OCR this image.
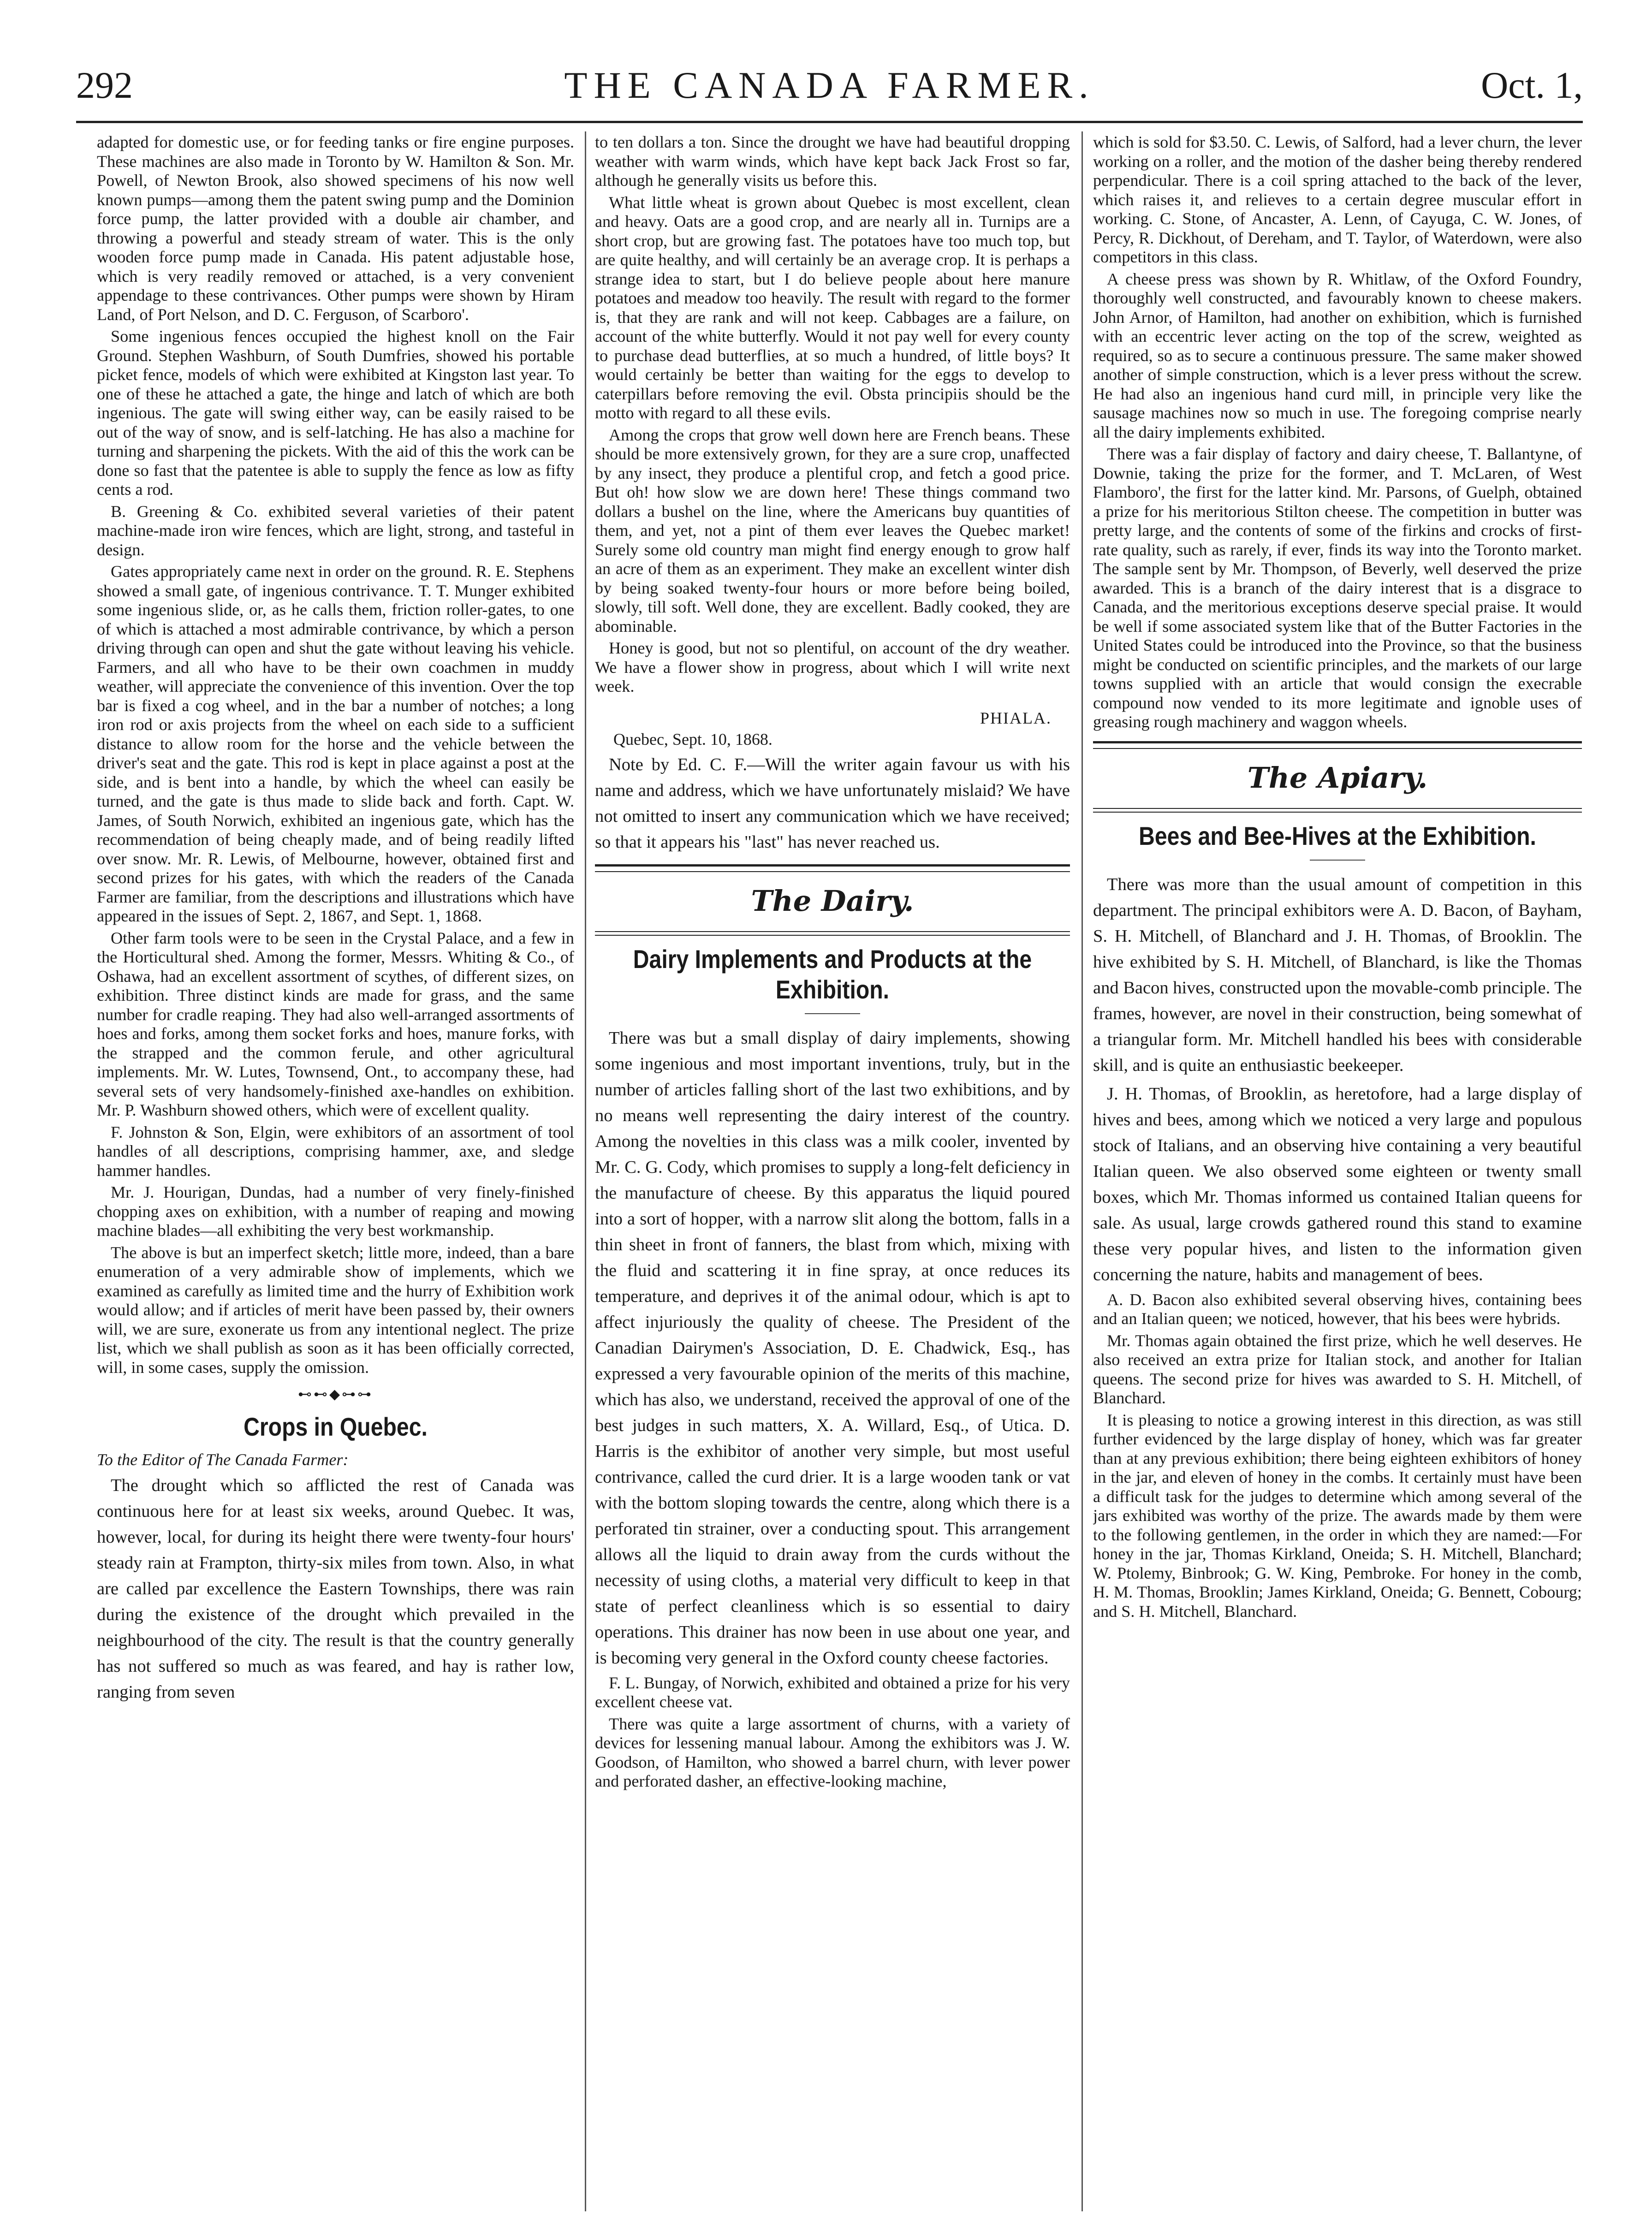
292	THE CANADA FARMER.	Oct. 1,

adapted for domestic use, or for feeding tanks or fire engine purposes. These machines are also made in Toronto by W. Hamilton & Son. Mr. Powell, of Newton Brook, also showed specimens of his now well known pumps—among them the patent swing pump and the Dominion force pump, the latter provided with a double air chamber, and throwing a powerful and steady stream of water. This is the only wooden force pump made in Canada. His patent adjustable hose, which is very readily removed or attached, is a very convenient appendage to these contrivances. Other pumps were shown by Hiram Land, of Port Nelson, and D. C. Ferguson, of Scarboro'.

Some ingenious fences occupied the highest knoll on the Fair Ground. Stephen Washburn, of South Dumfries, showed his portable picket fence, models of which were exhibited at Kingston last year. To one of these he attached a gate, the hinge and latch of which are both ingenious. The gate will swing either way, can be easily raised to be out of the way of snow, and is self-latching. He has also a machine for turning and sharpening the pickets. With the aid of this the work can be done so fast that the patentee is able to supply the fence as low as fifty cents a rod.

B. Greening & Co. exhibited several varieties of their patent machine-made iron wire fences, which are light, strong, and tasteful in design.

Gates appropriately came next in order on the ground. R. E. Stephens showed a small gate, of ingenious contrivance. T. T. Munger exhibited some ingenious slide, or, as he calls them, friction roller-gates, to one of which is attached a most admirable contrivance, by which a person driving through can open and shut the gate without leaving his vehicle. Farmers, and all who have to be their own coachmen in muddy weather, will appreciate the convenience of this invention. Over the top bar is fixed a cog wheel, and in the bar a number of notches; a long iron rod or axis projects from the wheel on each side to a sufficient distance to allow room for the horse and the vehicle between the driver's seat and the gate. This rod is kept in place against a post at the side, and is bent into a handle, by which the wheel can easily be turned, and the gate is thus made to slide back and forth. Capt. W. James, of South Norwich, exhibited an ingenious gate, which has the recommendation of being cheaply made, and of being readily lifted over snow. Mr. R. Lewis, of Melbourne, however, obtained first and second prizes for his gates, with which the readers of the Canada Farmer are familiar, from the descriptions and illustrations which have appeared in the issues of Sept. 2, 1867, and Sept. 1, 1868.

Other farm tools were to be seen in the Crystal Palace, and a few in the Horticultural shed. Among the former, Messrs. Whiting & Co., of Oshawa, had an excellent assortment of scythes, of different sizes, on exhibition. Three distinct kinds are made for grass, and the same number for cradle reaping. They had also well-arranged assortments of hoes and forks, among them socket forks and hoes, manure forks, with the strapped and the common ferule, and other agricultural implements. Mr. W. Lutes, Townsend, Ont., to accompany these, had several sets of very handsomely-finished axe-handles on exhibition. Mr. P. Washburn showed others, which were of excellent quality.

F. Johnston & Son, Elgin, were exhibitors of an assortment of tool handles of all descriptions, comprising hammer, axe, and sledge hammer handles.

Mr. J. Hourigan, Dundas, had a number of very finely-finished chopping axes on exhibition, with a number of reaping and mowing machine blades—all exhibiting the very best workmanship.

The above is but an imperfect sketch; little more, indeed, than a bare enumeration of a very admirable show of implements, which we examined as carefully as limited time and the hurry of Exhibition work would allow; and if articles of merit have been passed by, their owners will, we are sure, exonerate us from any intentional neglect. The prize list, which we shall publish as soon as it has been officially corrected, will, in some cases, supply the omission.

⊷⊷◆⊶⊶
Crops in Quebec.

To the Editor of The Canada Farmer:

The drought which so afflicted the rest of Canada was continuous here for at least six weeks, around Quebec. It was, however, local, for during its height there were twenty-four hours' steady rain at Frampton, thirty-six miles from town. Also, in what are called par excellence the Eastern Townships, there was rain during the existence of the drought which prevailed in the neighbourhood of the city. The result is that the country generally has not suffered so much as was feared, and hay is rather low, ranging from seven

to ten dollars a ton. Since the drought we have had beautiful dropping weather with warm winds, which have kept back Jack Frost so far, although he generally visits us before this.

What little wheat is grown about Quebec is most excellent, clean and heavy. Oats are a good crop, and are nearly all in. Turnips are a short crop, but are growing fast. The potatoes have too much top, but are quite healthy, and will certainly be an average crop. It is perhaps a strange idea to start, but I do believe people about here manure potatoes and meadow too heavily. The result with regard to the former is, that they are rank and will not keep. Cabbages are a failure, on account of the white butterfly. Would it not pay well for every county to purchase dead butterflies, at so much a hundred, of little boys? It would certainly be better than waiting for the eggs to develop to caterpillars before removing the evil. Obsta principiis should be the motto with regard to all these evils.

Among the crops that grow well down here are French beans. These should be more extensively grown, for they are a sure crop, unaffected by any insect, they produce a plentiful crop, and fetch a good price. But oh! how slow we are down here! These things command two dollars a bushel on the line, where the Americans buy quantities of them, and yet, not a pint of them ever leaves the Quebec market! Surely some old country man might find energy enough to grow half an acre of them as an experiment. They make an excellent winter dish by being soaked twenty-four hours or more before being boiled, slowly, till soft. Well done, they are excellent. Badly cooked, they are abominable.

Honey is good, but not so plentiful, on account of the dry weather. We have a flower show in progress, about which I will write next week.

PHIALA.

Quebec, Sept. 10, 1868.

Note by Ed. C. F.—Will the writer again favour us with his name and address, which we have unfortunately mislaid? We have not omitted to insert any communication which we have received; so that it appears his "last" has never reached us.

The Dairy.
Dairy Implements and Products at the Exhibition.

There was but a small display of dairy implements, showing some ingenious and most important inventions, truly, but in the number of articles falling short of the last two exhibitions, and by no means well representing the dairy interest of the country. Among the novelties in this class was a milk cooler, invented by Mr. C. G. Cody, which promises to supply a long-felt deficiency in the manufacture of cheese. By this apparatus the liquid poured into a sort of hopper, with a narrow slit along the bottom, falls in a thin sheet in front of fanners, the blast from which, mixing with the fluid and scattering it in fine spray, at once reduces its temperature, and deprives it of the animal odour, which is apt to affect injuriously the quality of cheese. The President of the Canadian Dairymen's Association, D. E. Chadwick, Esq., has expressed a very favourable opinion of the merits of this machine, which has also, we understand, received the approval of one of the best judges in such matters, X. A. Willard, Esq., of Utica. D. Harris is the exhibitor of another very simple, but most useful contrivance, called the curd drier. It is a large wooden tank or vat with the bottom sloping towards the centre, along which there is a perforated tin strainer, over a conducting spout. This arrangement allows all the liquid to drain away from the curds without the necessity of using cloths, a material very difficult to keep in that state of perfect cleanliness which is so essential to dairy operations. This drainer has now been in use about one year, and is becoming very general in the Oxford county cheese factories.

F. L. Bungay, of Norwich, exhibited and obtained a prize for his very excellent cheese vat.

There was quite a large assortment of churns, with a variety of devices for lessening manual labour. Among the exhibitors was J. W. Goodson, of Hamilton, who showed a barrel churn, with lever power and perforated dasher, an effective-looking machine,

which is sold for $3.50. C. Lewis, of Salford, had a lever churn, the lever working on a roller, and the motion of the dasher being thereby rendered perpendicular. There is a coil spring attached to the back of the lever, which raises it, and relieves to a certain degree muscular effort in working. C. Stone, of Ancaster, A. Lenn, of Cayuga, C. W. Jones, of Percy, R. Dickhout, of Dereham, and T. Taylor, of Waterdown, were also competitors in this class.

A cheese press was shown by R. Whitlaw, of the Oxford Foundry, thoroughly well constructed, and favourably known to cheese makers. John Arnor, of Hamilton, had another on exhibition, which is furnished with an eccentric lever acting on the top of the screw, weighted as required, so as to secure a continuous pressure. The same maker showed another of simple construction, which is a lever press without the screw. He had also an ingenious hand curd mill, in principle very like the sausage machines now so much in use. The foregoing comprise nearly all the dairy implements exhibited.

There was a fair display of factory and dairy cheese, T. Ballantyne, of Downie, taking the prize for the former, and T. McLaren, of West Flamboro', the first for the latter kind. Mr. Parsons, of Guelph, obtained a prize for his meritorious Stilton cheese. The competition in butter was pretty large, and the contents of some of the firkins and crocks of first-rate quality, such as rarely, if ever, finds its way into the Toronto market. The sample sent by Mr. Thompson, of Beverly, well deserved the prize awarded. This is a branch of the dairy interest that is a disgrace to Canada, and the meritorious exceptions deserve special praise. It would be well if some associated system like that of the Butter Factories in the United States could be introduced into the Province, so that the business might be conducted on scientific principles, and the markets of our large towns supplied with an article that would consign the execrable compound now vended to its more legitimate and ignoble uses of greasing rough machinery and waggon wheels.

The Apiary.
Bees and Bee-Hives at the Exhibition.

There was more than the usual amount of competition in this department. The principal exhibitors were A. D. Bacon, of Bayham, S. H. Mitchell, of Blanchard and J. H. Thomas, of Brooklin. The hive exhibited by S. H. Mitchell, of Blanchard, is like the Thomas and Bacon hives, constructed upon the movable-comb principle. The frames, however, are novel in their construction, being somewhat of a triangular form. Mr. Mitchell handled his bees with considerable skill, and is quite an enthusiastic beekeeper.

J. H. Thomas, of Brooklin, as heretofore, had a large display of hives and bees, among which we noticed a very large and populous stock of Italians, and an observing hive containing a very beautiful Italian queen. We also observed some eighteen or twenty small boxes, which Mr. Thomas informed us contained Italian queens for sale. As usual, large crowds gathered round this stand to examine these very popular hives, and listen to the information given concerning the nature, habits and management of bees.

A. D. Bacon also exhibited several observing hives, containing bees and an Italian queen; we noticed, however, that his bees were hybrids.

Mr. Thomas again obtained the first prize, which he well deserves. He also received an extra prize for Italian stock, and another for Italian queens. The second prize for hives was awarded to S. H. Mitchell, of Blanchard.

It is pleasing to notice a growing interest in this direction, as was still further evidenced by the large display of honey, which was far greater than at any previous exhibition; there being eighteen exhibitors of honey in the jar, and eleven of honey in the combs. It certainly must have been a difficult task for the judges to determine which among several of the jars exhibited was worthy of the prize. The awards made by them were to the following gentlemen, in the order in which they are named:—For honey in the jar, Thomas Kirkland, Oneida; S. H. Mitchell, Blanchard; W. Ptolemy, Binbrook; G. W. King, Pembroke. For honey in the comb, H. M. Thomas, Brooklin; James Kirkland, Oneida; G. Bennett, Cobourg; and S. H. Mitchell, Blanchard.
